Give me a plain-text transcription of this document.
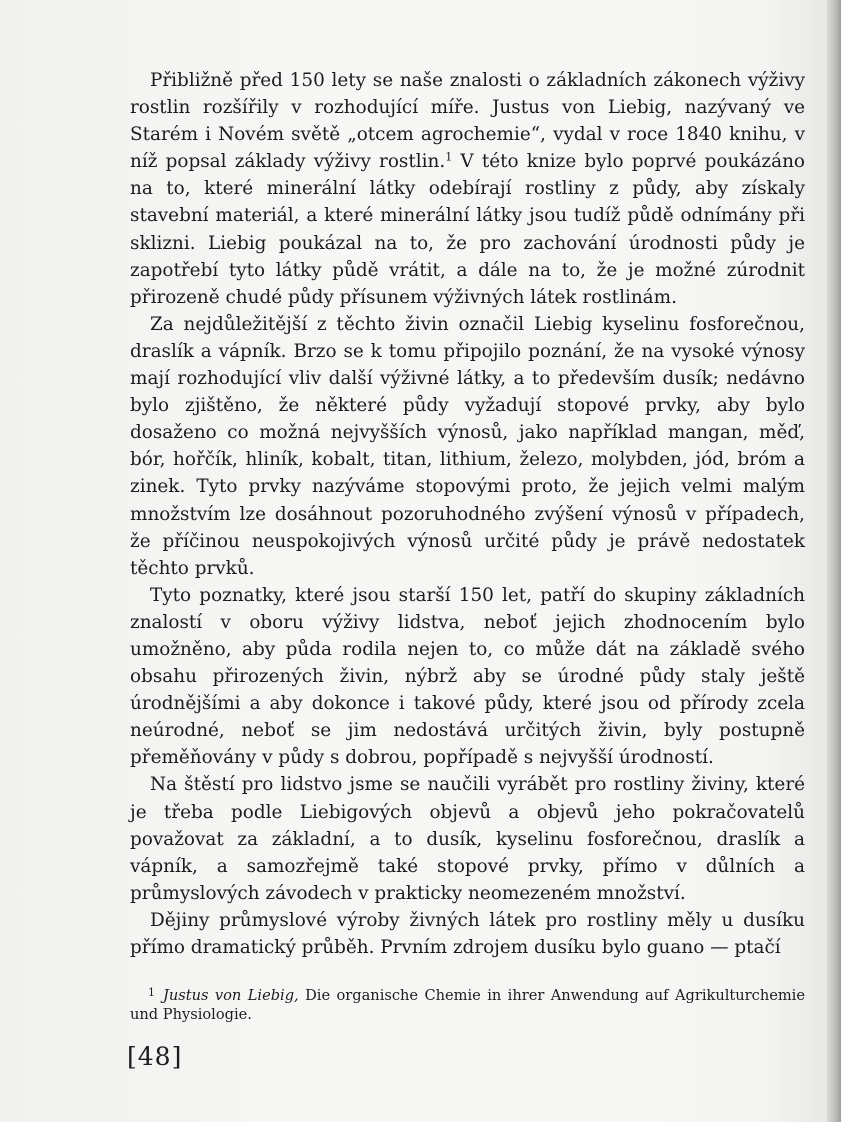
Přibližně před 150 lety se naše znalosti o základních zákonech výživy rostlin rozšířily v rozhodující míře. Justus von Liebig, nazývaný ve Starém i Novém světě „otcem agrochemie“, vydal v roce 1840 knihu, v níž popsal základy výživy rostlin.$^1$ V této knize bylo poprvé poukázáno na to, které minerální látky odebírají rostliny z půdy, aby získaly stavební materiál, a které minerální látky jsou tudíž půdě odnímány při sklizni. Liebig poukázal na to, že pro zachování úrodnosti půdy je zapotřebí tyto látky půdě vrátit, a dále na to, že je možné zúrodnit přirozeně chudé půdy přísunem výživných látek rostlinám.

Za nejdůležitější z těchto živin označil Liebig kyselinu fosforečnou, draslík a vápník. Brzo se k tomu připojilo poznání, že na vysoké výnosy mají rozhodující vliv další výživné látky, a to především dusík; nedávno bylo zjištěno, že některé půdy vyžadují stopové prvky, aby bylo dosaženo co možná nejvyšších výnosů, jako například mangan, měď, bór, hořčík, hliník, kobalt, titan, lithium, železo, molybden, jód, bróm a zinek. Tyto prvky nazýváme stopovými proto, že jejich velmi malým množstvím lze dosáhnout pozoruhodného zvýšení výnosů v případech, že příčinou neuspokojivých výnosů určité půdy je právě nedostatek těchto prvků.

Tyto poznatky, které jsou starší 150 let, patří do skupiny základních znalostí v oboru výživy lidstva, neboť jejich zhodnocením bylo umožněno, aby půda rodila nejen to, co může dát na základě svého obsahu přirozených živin, nýbrž aby se úrodné půdy staly ještě úrodnějšími a aby dokonce i takové půdy, které jsou od přírody zcela neúrodné, neboť se jim nedostává určitých živin, byly postupně přeměňovány v půdy s dobrou, popřípadě s nejvyšší úrodností.

Na štěstí pro lidstvo jsme se naučili vyrábět pro rostliny živiny, které je třeba podle Liebigových objevů a objevů jeho pokračovatelů považovat za základní, a to dusík, kyselinu fosforečnou, draslík a vápník, a samozřejmě také stopové prvky, přímo v důlních a průmyslových závodech v prakticky neomezeném množství.

Dějiny průmyslové výroby živných látek pro rostliny měly u dusíku přímo dramatický průběh. Prvním zdrojem dusíku bylo guano — ptačí

$^1$ Justus von Liebig, Die organische Chemie in ihrer Anwendung auf Agrikulturchemie und Physiologie.
[48]
